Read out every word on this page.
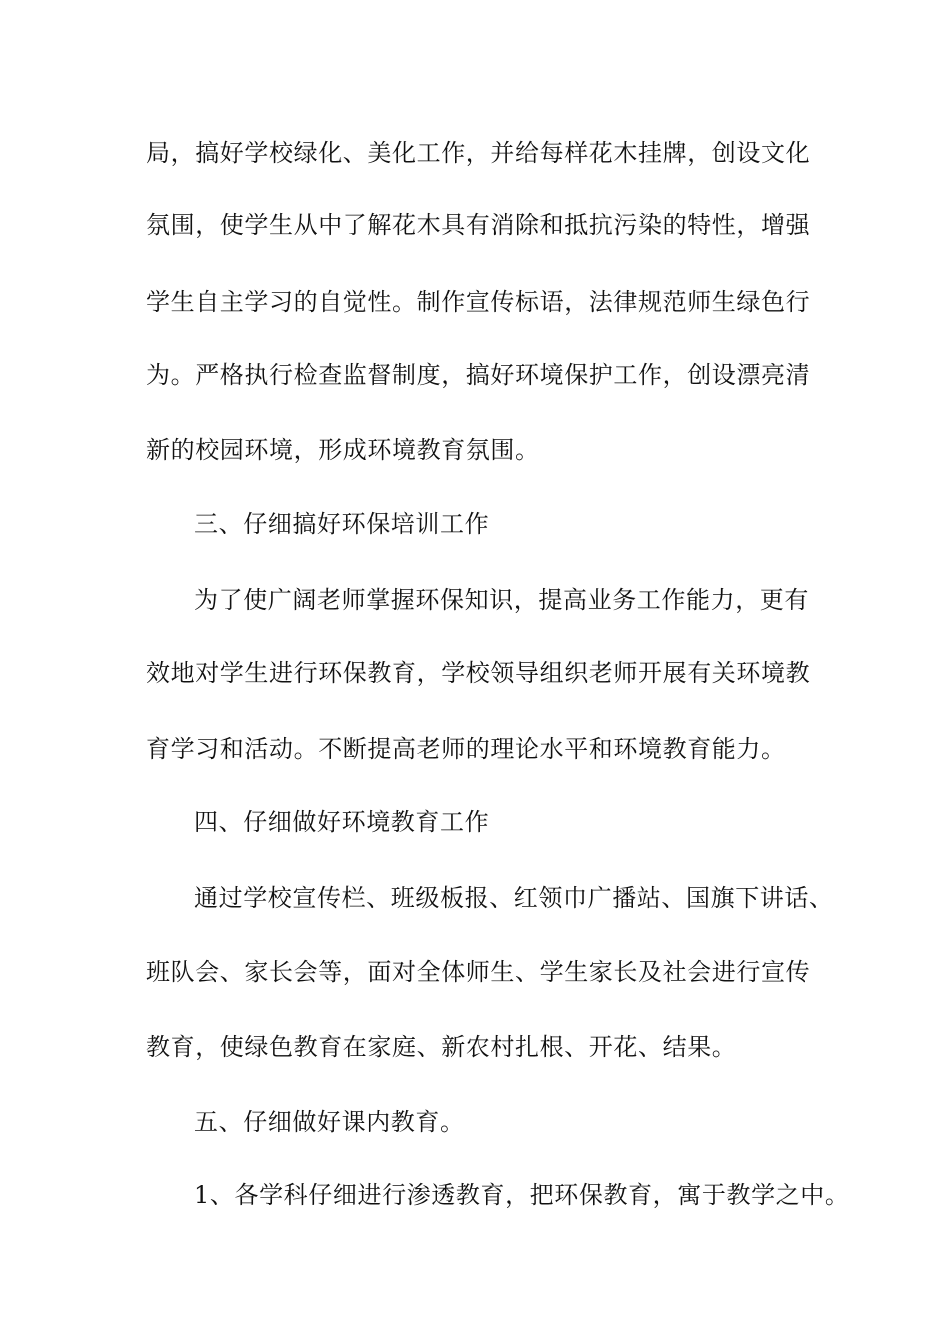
局，搞好学校绿化、美化工作，并给每样花木挂牌，创设文化
氛围，使学生从中了解花木具有消除和抵抗污染的特性，增强
学生自主学习的自觉性。制作宣传标语，法律规范师生绿色行
为。严格执行检查监督制度，搞好环境保护工作，创设漂亮清
新的校园环境，形成环境教育氛围。
三、仔细搞好环保培训工作
为了使广阔老师掌握环保知识，提高业务工作能力，更有
效地对学生进行环保教育，学校领导组织老师开展有关环境教
育学习和活动。不断提高老师的理论水平和环境教育能力。
四、仔细做好环境教育工作
通过学校宣传栏、班级板报、红领巾广播站、国旗下讲话、
班队会、家长会等，面对全体师生、学生家长及社会进行宣传
教育，使绿色教育在家庭、新农村扎根、开花、结果。
五、仔细做好课内教育。
1、各学科仔细进行渗透教育，把环保教育，寓于教学之中。
